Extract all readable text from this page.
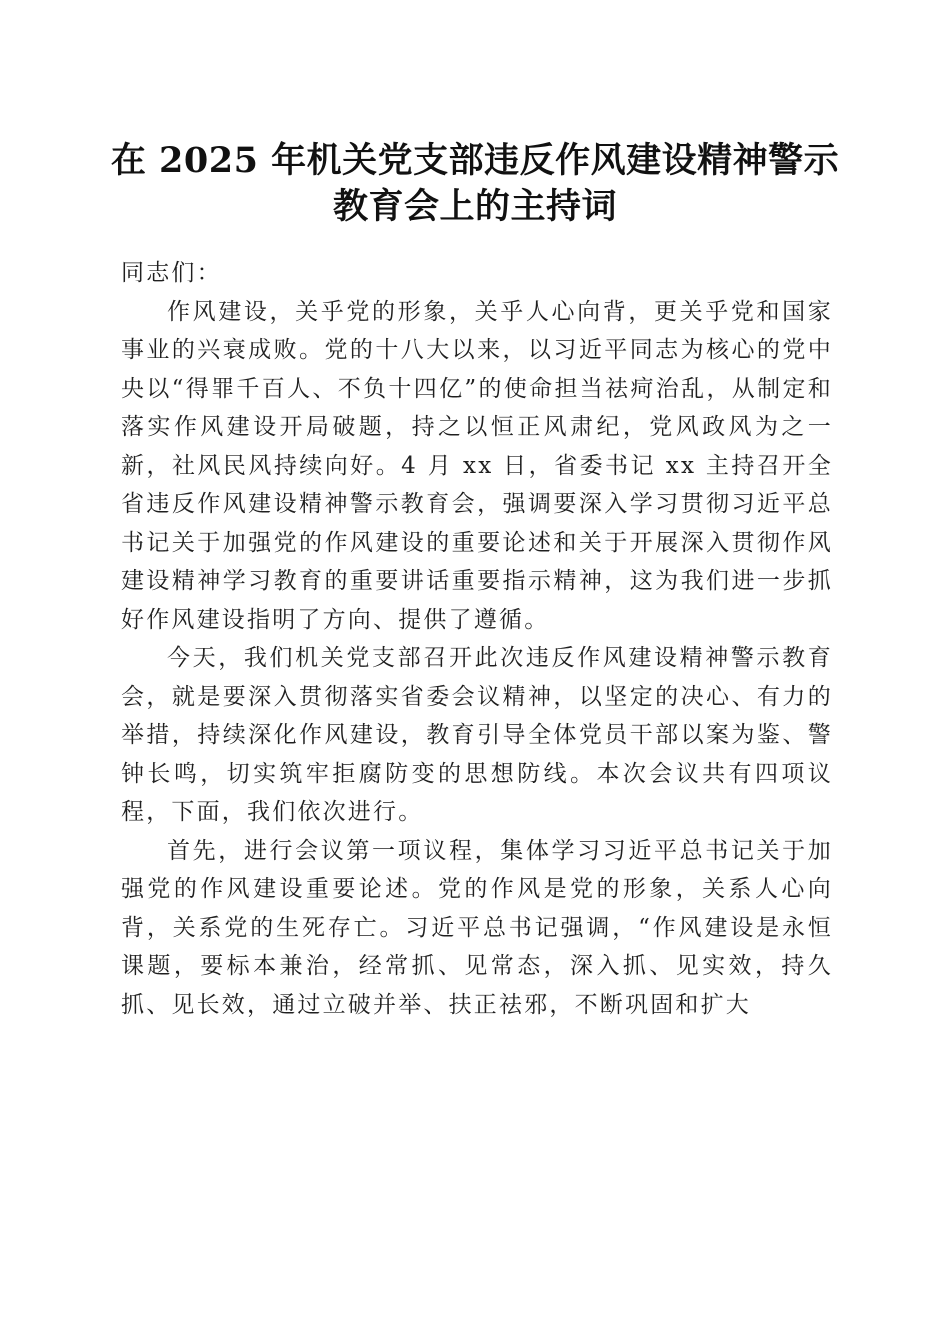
在 2025 年机关党支部违反作风建设精神警示
教育会上的主持词

同志们：

作风建设，关乎党的形象，关乎人心向背，更关乎党和国家事业的兴衰成败。党的十八大以来，以习近平同志为核心的党中央以“得罪千百人、不负十四亿”的使命担当祛疴治乱，从制定和落实作风建设开局破题，持之以恒正风肃纪，党风政风为之一新，社风民风持续向好。4 月 xx 日，省委书记 xx 主持召开全省违反作风建设精神警示教育会，强调要深入学习贯彻习近平总书记关于加强党的作风建设的重要论述和关于开展深入贯彻作风建设精神学习教育的重要讲话重要指示精神，这为我们进一步抓好作风建设指明了方向、提供了遵循。

今天，我们机关党支部召开此次违反作风建设精神警示教育会，就是要深入贯彻落实省委会议精神，以坚定的决心、有力的举措，持续深化作风建设，教育引导全体党员干部以案为鉴、警钟长鸣，切实筑牢拒腐防变的思想防线。本次会议共有四项议程，下面，我们依次进行。

首先，进行会议第一项议程，集体学习习近平总书记关于加强党的作风建设重要论述。党的作风是党的形象，关系人心向背，关系党的生死存亡。习近平总书记强调，“作风建设是永恒课题，要标本兼治，经常抓、见常态，深入抓、见实效，持久抓、见长效，通过立破并举、扶正祛邪，不断巩固和扩大
